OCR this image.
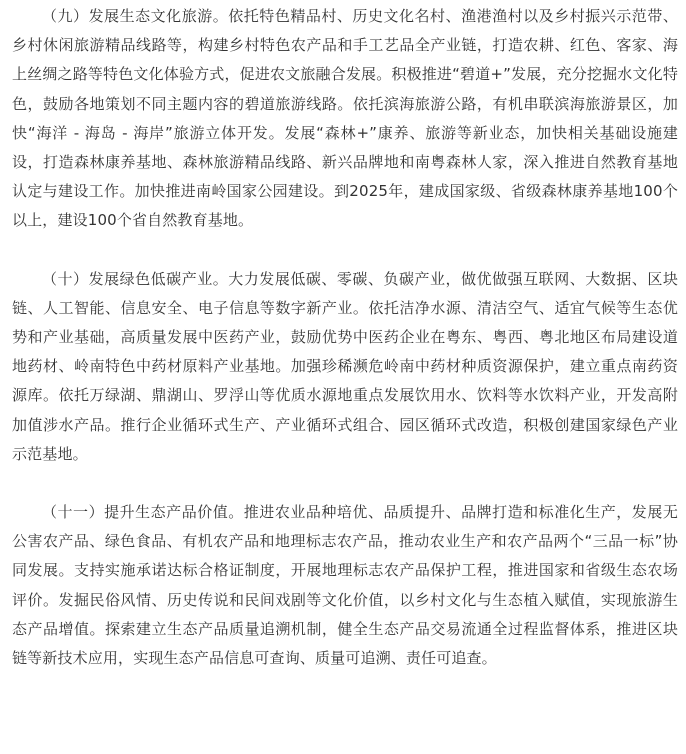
（九）发展生态文化旅游。依托特色精品村、历史文化名村、渔港渔村以及乡村振兴示范带、乡村休闲旅游精品线路等，构建乡村特色农产品和手工艺品全产业链，打造农耕、红色、客家、海上丝绸之路等特色文化体验方式，促进农文旅融合发展。积极推进“碧道+”发展，充分挖掘水文化特色，鼓励各地策划不同主题内容的碧道旅游线路。依托滨海旅游公路，有机串联滨海旅游景区，加快“海洋 - 海岛 - 海岸”旅游立体开发。发展“森林+”康养、旅游等新业态，加快相关基础设施建设，打造森林康养基地、森林旅游精品线路、新兴品牌地和南粤森林人家，深入推进自然教育基地认定与建设工作。加快推进南岭国家公园建设。到2025年，建成国家级、省级森林康养基地100个以上，建设100个省自然教育基地。

（十）发展绿色低碳产业。大力发展低碳、零碳、负碳产业，做优做强互联网、大数据、区块链、人工智能、信息安全、电子信息等数字新产业。依托洁净水源、清洁空气、适宜气候等生态优势和产业基础，高质量发展中医药产业，鼓励优势中医药企业在粤东、粤西、粤北地区布局建设道地药材、岭南特色中药材原料产业基地。加强珍稀濒危岭南中药材种质资源保护，建立重点南药资源库。依托万绿湖、鼎湖山、罗浮山等优质水源地重点发展饮用水、饮料等水饮料产业，开发高附加值涉水产品。推行企业循环式生产、产业循环式组合、园区循环式改造，积极创建国家绿色产业示范基地。

（十一）提升生态产品价值。推进农业品种培优、品质提升、品牌打造和标准化生产，发展无公害农产品、绿色食品、有机农产品和地理标志农产品，推动农业生产和农产品两个“三品一标”协同发展。支持实施承诺达标合格证制度，开展地理标志农产品保护工程，推进国家和省级生态农场评价。发掘民俗风情、历史传说和民间戏剧等文化价值，以乡村文化与生态植入赋值，实现旅游生态产品增值。探索建立生态产品质量追溯机制，健全生态产品交易流通全过程监督体系，推进区块链等新技术应用，实现生态产品信息可查询、质量可追溯、责任可追查。
